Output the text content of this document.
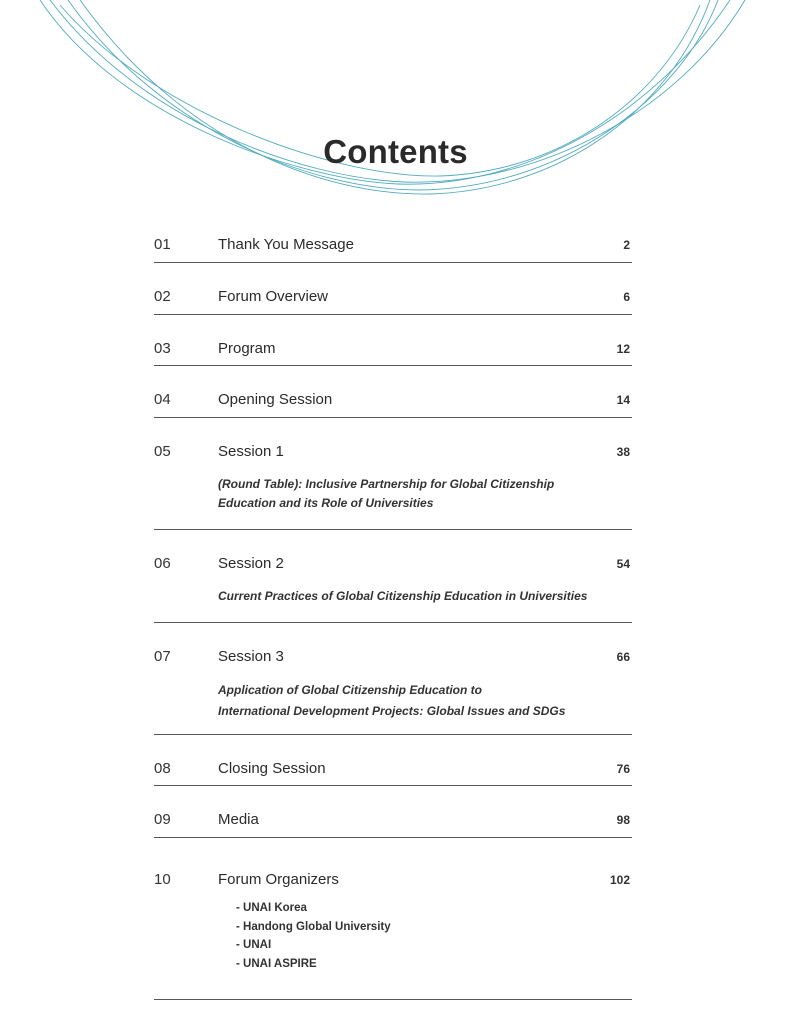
Contents
01	Thank You Message	2
02	Forum Overview	6
03	Program	12
04	Opening Session	14
05	Session 1	38
(Round Table): Inclusive Partnership for Global Citizenship
Education and its Role of Universities
06	Session 2	54
Current Practices of Global Citizenship Education in Universities
07	Session 3	66
Application of Global Citizenship Education to
International Development Projects: Global Issues and SDGs
08	Closing Session	76
09	Media	98
10	Forum Organizers	102
- UNAI Korea
- Handong Global University
- UNAI
- UNAI ASPIRE
